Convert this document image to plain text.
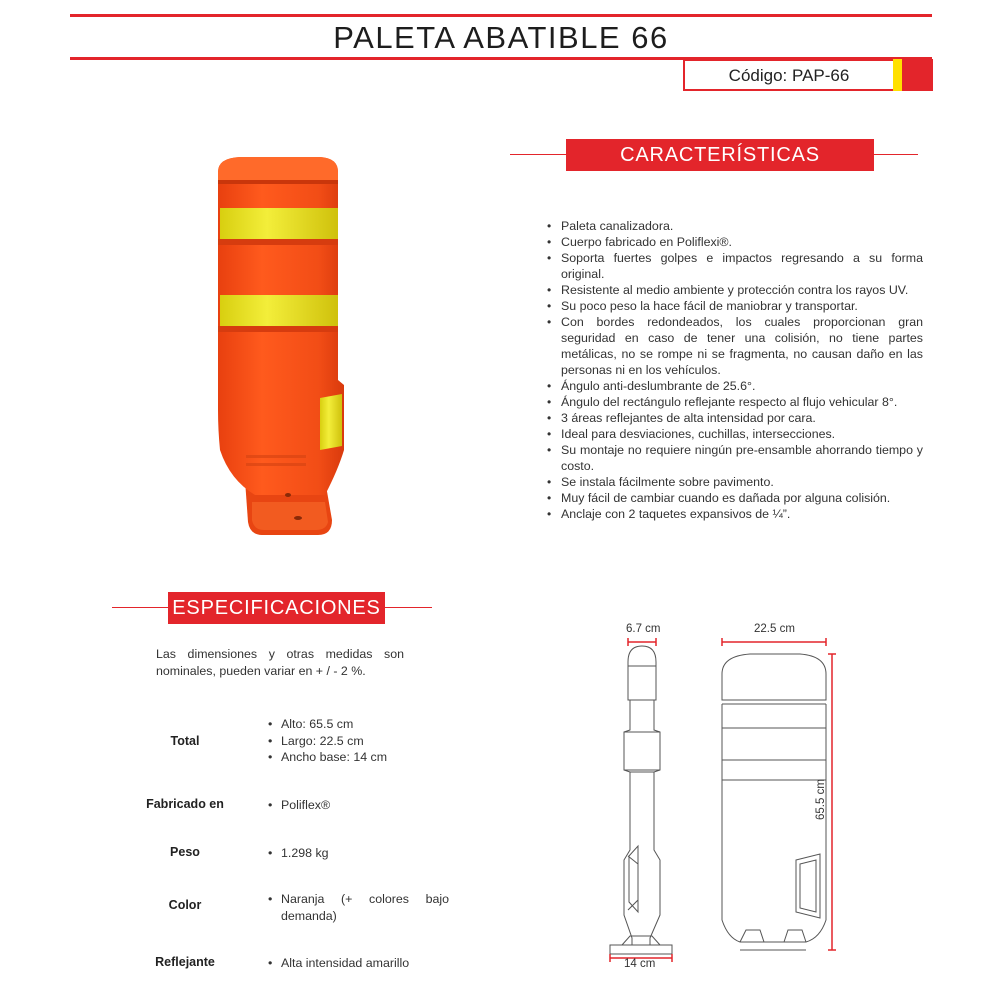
PALETA ABATIBLE 66
Código: PAP-66
CARACTERÍSTICAS
• Paleta canalizadora.
• Cuerpo fabricado en Poliflexi®.
• Soporta fuertes golpes e impactos regresando a su forma original.
• Resistente al medio ambiente y protección contra los rayos UV.
• Su poco peso la hace fácil de maniobrar y transportar.
• Con bordes redondeados, los cuales proporcionan gran seguridad en caso de tener una colisión, no tiene partes metálicas, no se rompe ni se fragmenta, no causan daño en las personas ni en los vehículos.
• Ángulo anti-deslumbrante de 25.6°.
• Ángulo del rectángulo reflejante respecto al flujo vehicular 8°.
• 3 áreas reflejantes de alta intensidad por cara.
• Ideal para desviaciones, cuchillas, intersecciones.
• Su montaje no requiere ningún pre-ensamble ahorrando tiempo y costo.
• Se instala fácilmente sobre pavimento.
• Muy fácil de cambiar cuando es dañada por alguna colisión.
• Anclaje con 2 taquetes expansivos de ¼”.
ESPECIFICACIONES
Las dimensiones y otras medidas son nominales, pueden variar en + / - 2 %.
Total
• Alto: 65.5 cm
• Largo: 22.5 cm
• Ancho base: 14 cm
Fabricado en	• Poliflex®
Peso	• 1.298 kg
Color	• Naranja (+ colores bajo demanda)
Reflejante	• Alta intensidad amarillo
6.7 cm	22.5 cm
65.5 cm
14 cm
